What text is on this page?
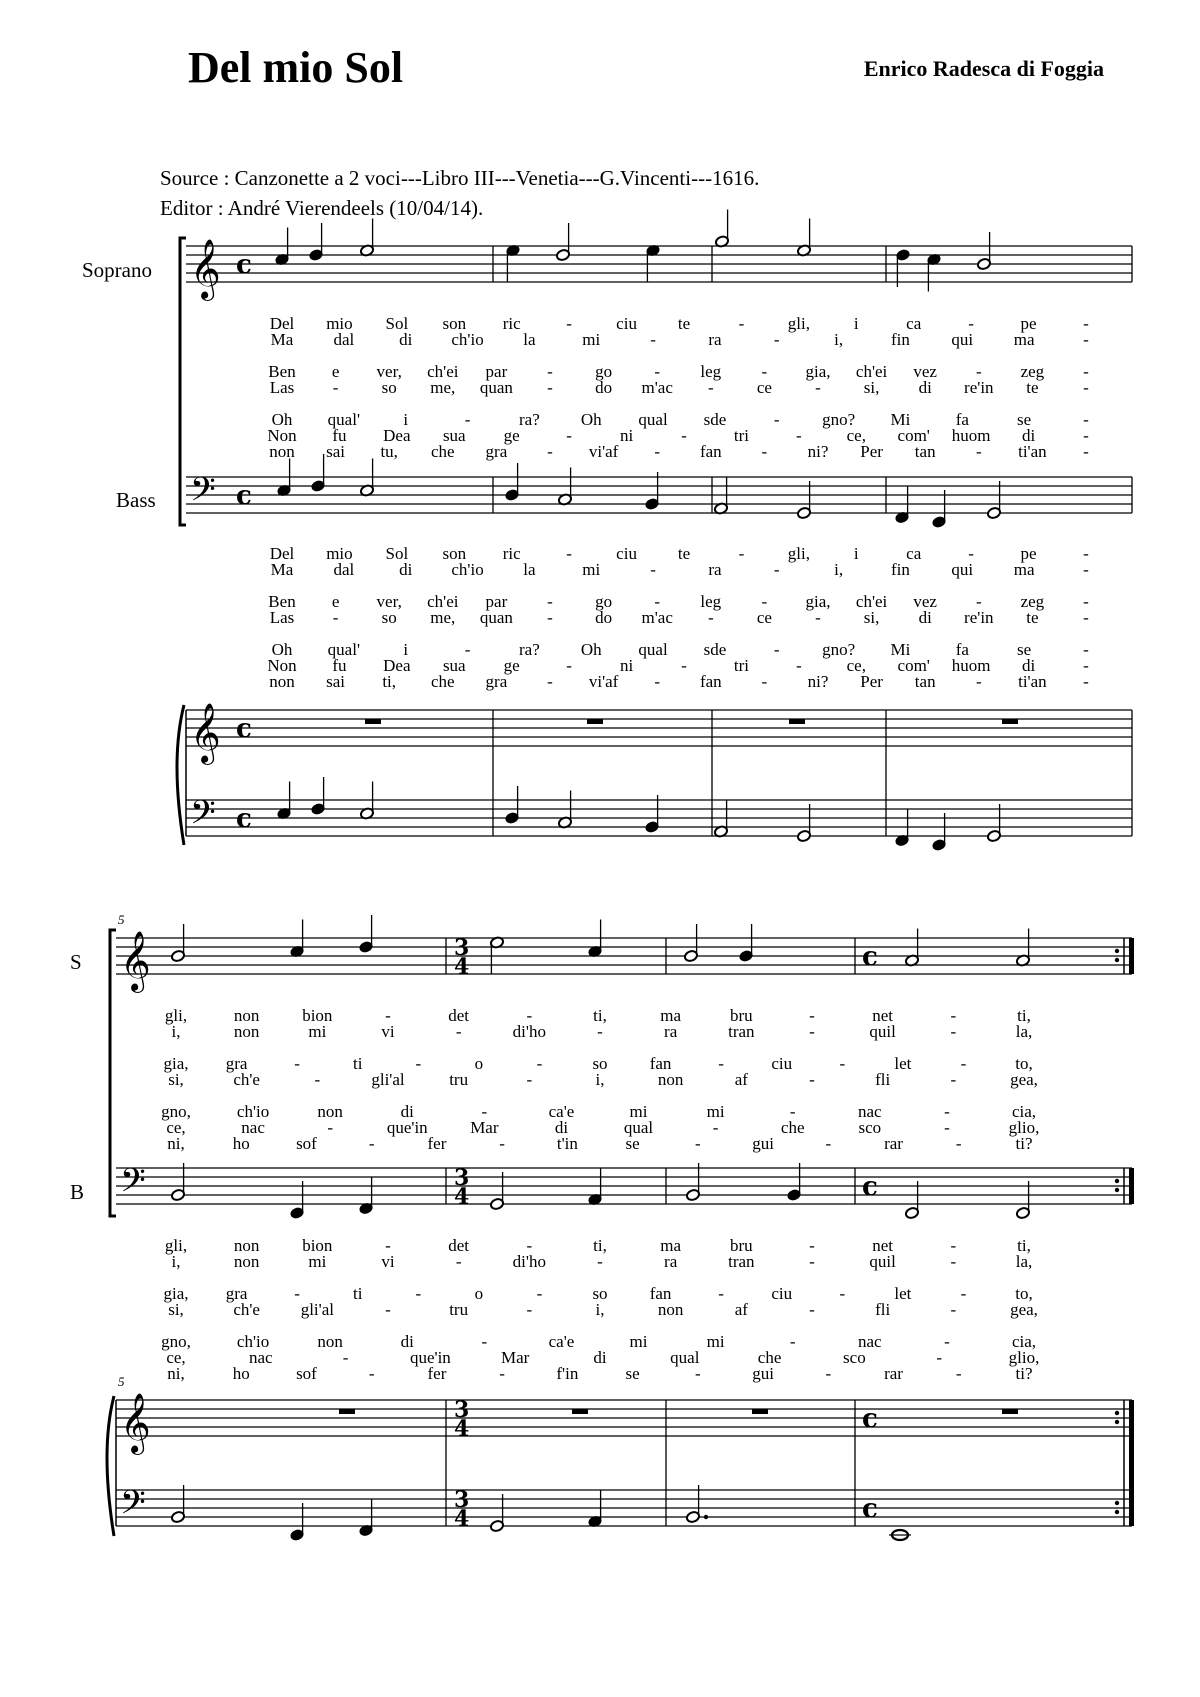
Del mio Sol	Enrico Radesca di Foggia
Source : Canzonette a 2 voci---Libro III---Venetia---G.Vincenti---1616.
Editor : André Vierendeels (10/04/14).
Soprano
Bass
S
B
5
5
Del mio Sol son ric	-	ciu te	-	gli,	i	ca	-	pe	-
Ma dal	di ch'io la	mi	-	ra	-	i,	fin qui ma	-
Ben e ver, ch'ei par - go - leg - gia, ch'ei vez - zeg -
Las -	so me, quan - do m'ac -	ce	-	si, di re'in te	-
Oh qual'	i	-	ra? Oh qual sde	- gno? Mi	fa	se	-
Non fu Dea sua ge	-	ni	-	tri	-	ce, com' huom di	-
non sai tu, che gra - vi'af - fan - ni? Per tan - ti'an -
Del mio Sol son ric	-	ciu te	-	gli,	i	ca	-	pe	-
Ma dal	di ch'io la	mi	-	ra	-	i,	fin qui ma	-
Ben e ver, ch'ei par - go - leg - gia, ch'ei vez - zeg -
Las -	so me, quan - do m'ac -	ce	-	si, di re'in te	-
Oh qual'	i	-	ra? Oh qual sde	- gno? Mi	fa	se	-
Non fu Dea sua ge	-	ni	-	tri	-	ce, com' huom di	-
non sai ti, che gra - vi'af - fan - ni? Per tan - ti'an -
gli,	non	bion	-	det	-	ti,	ma	bru	-	net	-	ti,
i,	non	mi	vi	-	di'ho	-	ra	tran	-	quil	-	la,
gia, gra	-	ti	-	o	-	so fan	-	ciu	-	let	-	to,
si,	ch'e	-	gli'al	tru	-	i,	non	af	-	fli	-	gea,
gno,	ch'io	non	di	-	ca'e	mi	mi	-	nac	-	cia,
ce,	nac	-	que'in	Mar	di	qual	-	che	sco	-	glio,
ni,	ho	sof	-	fer	-	t'in	se	-	gui	-	rar	-	ti?
gli,	non	bion	-	det	-	ti,	ma	bru	-	net	-	ti,
i,	non	mi	vi	-	di'ho	-	ra	tran	-	quil	-	la,
gia, gra	-	ti	-	o	-	so fan	-	ciu	-	let	-	to,
si,	ch'e gli'al	-	tru	-	i,	non	af	-	fli	-	gea,
gno,	ch'io	non	di	-	ca'e	mi	mi	-	nac	-	cia,
ce,	nac	-	que'in	Mar	di	qual	che	sco	-	glio,
ni,	ho	sof	-	fer	-	f'in	se	-	gui	-	rar	-	ti?
𝄞
𝄞
𝄢
𝄢
c
c
c
c
𝄞
𝄞
𝄢
𝄢
3
4	c
3
4	c
3
4	c
3
4	c
